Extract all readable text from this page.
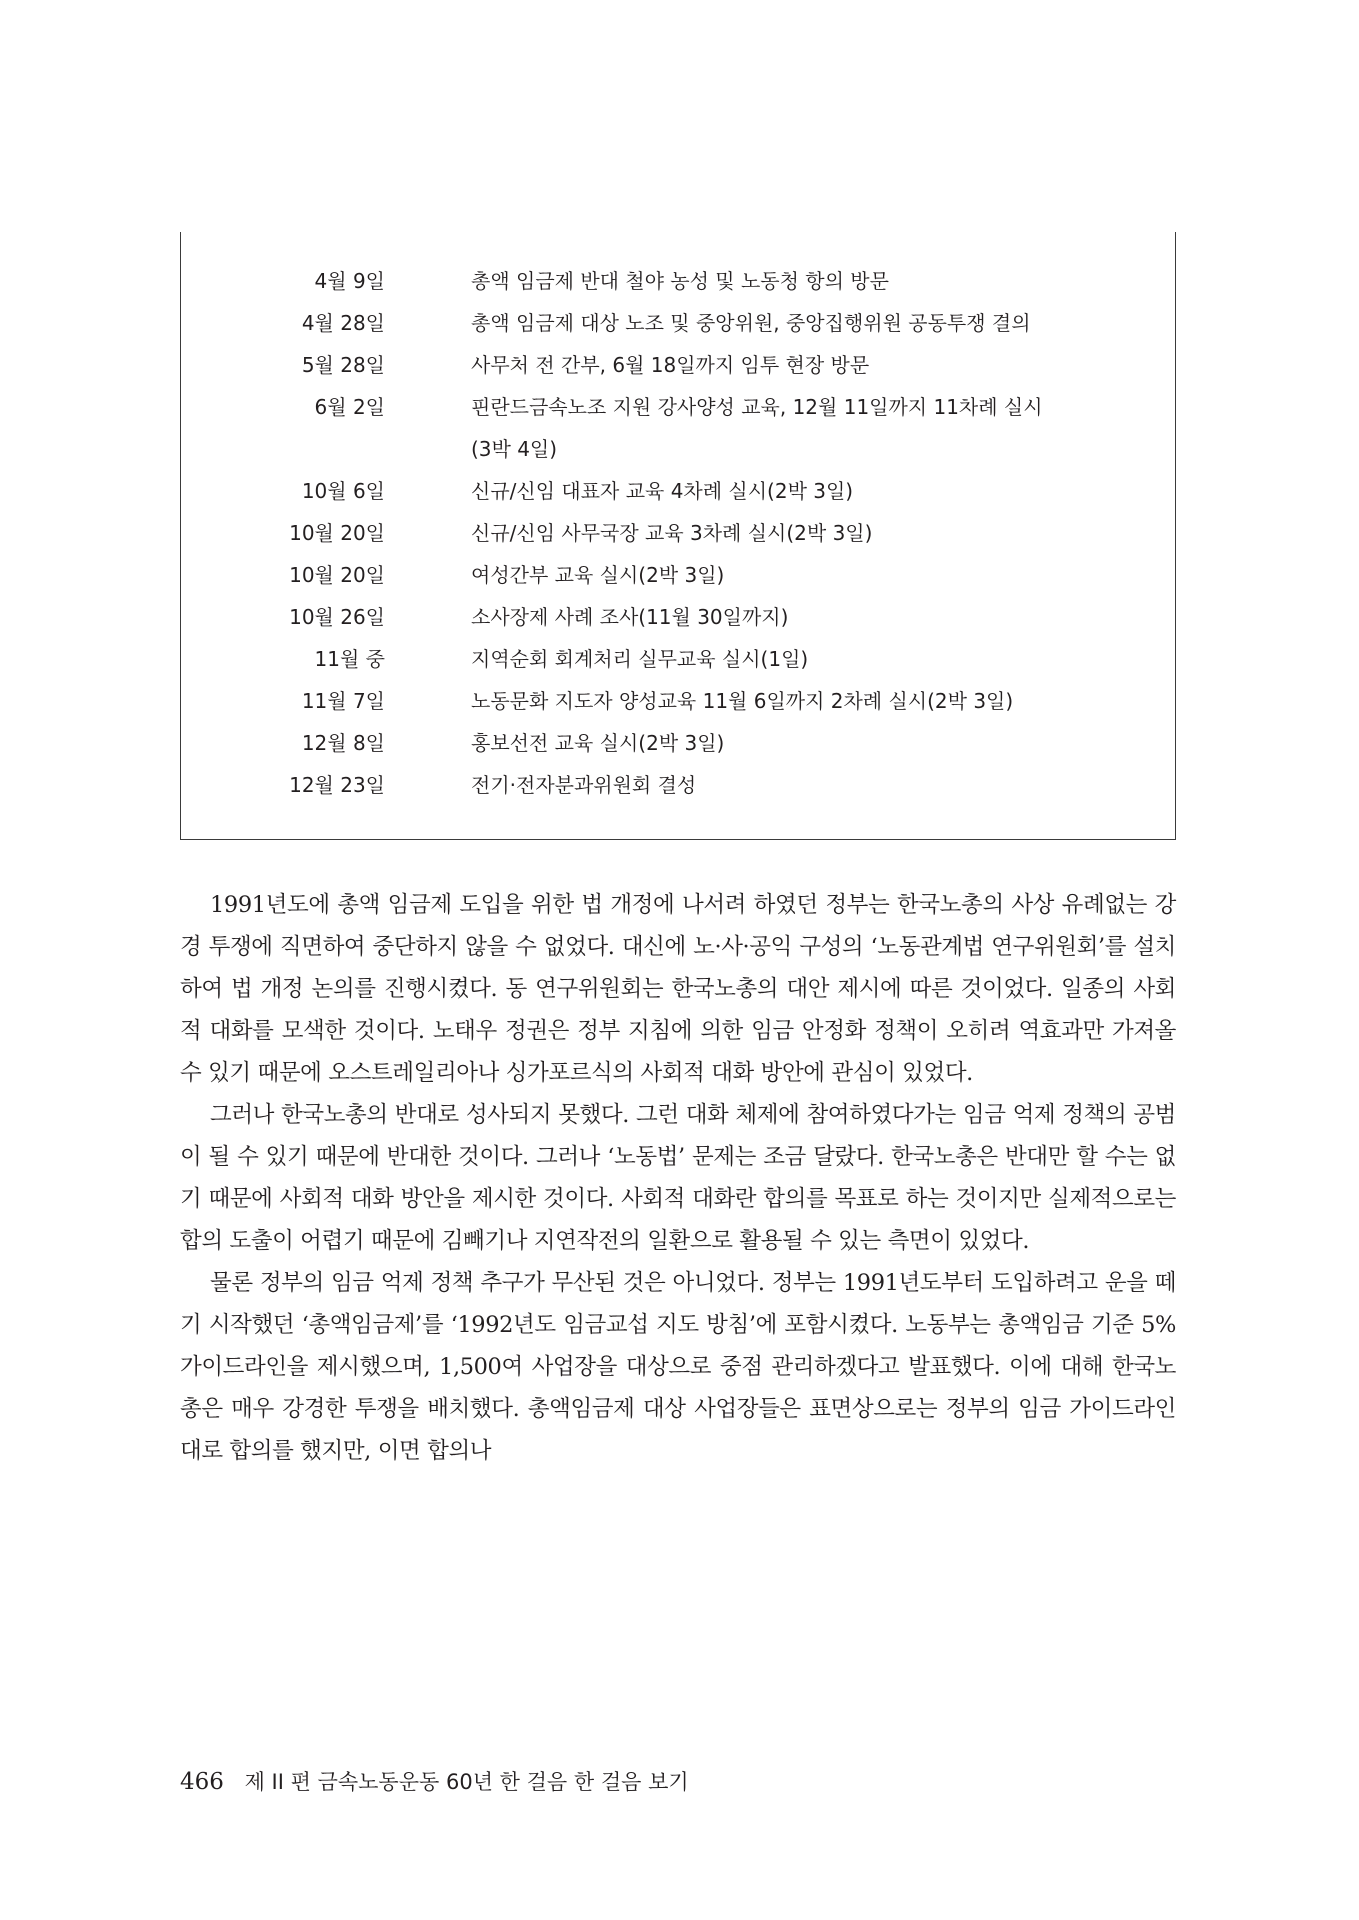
4월 9일	총액 임금제 반대 철야 농성 및 노동청 항의 방문
4월 28일	총액 임금제 대상 노조 및 중앙위원, 중앙집행위원 공동투쟁 결의
5월 28일	사무처 전 간부, 6월 18일까지 임투 현장 방문
6월 2일	핀란드금속노조 지원 강사양성 교육, 12월 11일까지 11차례 실시
(3박 4일)
10월 6일	신규/신임 대표자 교육 4차례 실시(2박 3일)
10월 20일	신규/신임 사무국장 교육 3차례 실시(2박 3일)
10월 20일	여성간부 교육 실시(2박 3일)
10월 26일	소사장제 사례 조사(11월 30일까지)
11월 중	지역순회 회계처리 실무교육 실시(1일)
11월 7일	노동문화 지도자 양성교육 11월 6일까지 2차례 실시(2박 3일)
12월 8일	홍보선전 교육 실시(2박 3일)
12월 23일	전기·전자분과위원회 결성

1991년도에 총액 임금제 도입을 위한 법 개정에 나서려 하였던 정부는 한국노총의 사상 유례없는 강경 투쟁에 직면하여 중단하지 않을 수 없었다. 대신에 노·사·공익 구성의 ‘노동관계법 연구위원회’를 설치하여 법 개정 논의를 진행시켰다. 동 연구위원회는 한국노총의 대안 제시에 따른 것이었다. 일종의 사회적 대화를 모색한 것이다. 노태우 정권은 정부 지침에 의한 임금 안정화 정책이 오히려 역효과만 가져올 수 있기 때문에 오스트레일리아나 싱가포르식의 사회적 대화 방안에 관심이 있었다.

그러나 한국노총의 반대로 성사되지 못했다. 그런 대화 체제에 참여하였다가는 임금 억제 정책의 공범이 될 수 있기 때문에 반대한 것이다. 그러나 ‘노동법’ 문제는 조금 달랐다. 한국노총은 반대만 할 수는 없기 때문에 사회적 대화 방안을 제시한 것이다. 사회적 대화란 합의를 목표로 하는 것이지만 실제적으로는 합의 도출이 어렵기 때문에 김빼기나 지연작전의 일환으로 활용될 수 있는 측면이 있었다.

물론 정부의 임금 억제 정책 추구가 무산된 것은 아니었다. 정부는 1991년도부터 도입하려고 운을 떼기 시작했던 ‘총액임금제’를 ‘1992년도 임금교섭 지도 방침’에 포함시켰다. 노동부는 총액임금 기준 5% 가이드라인을 제시했으며, 1,500여 사업장을 대상으로 중점 관리하겠다고 발표했다. 이에 대해 한국노총은 매우 강경한 투쟁을 배치했다. 총액임금제 대상 사업장들은 표면상으로는 정부의 임금 가이드라인대로 합의를 했지만, 이면 합의나

466 제 II 편 금속노동운동 60년 한 걸음 한 걸음 보기
